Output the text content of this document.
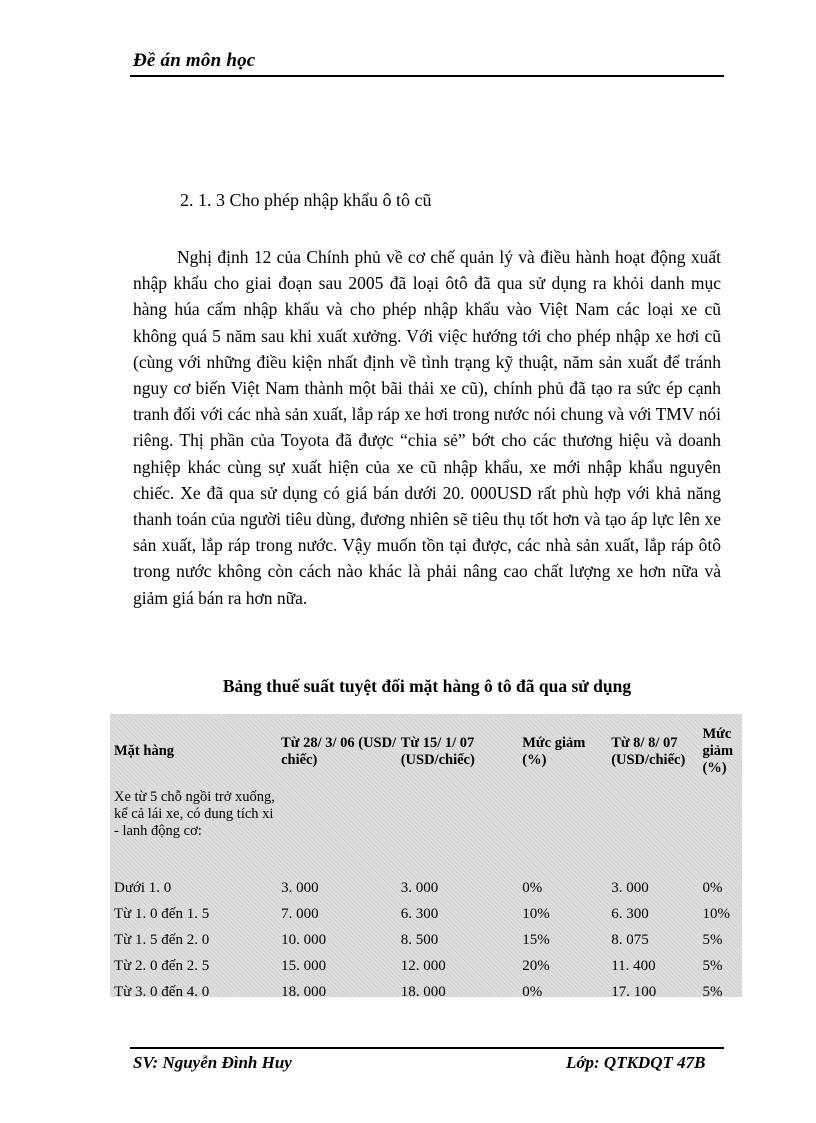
Đề án môn học
2. 1. 3 Cho phép nhập khẩu ô tô cũ

Nghị định 12 của Chính phủ về cơ chế quản lý và điều hành hoạt động xuất nhập khẩu cho giai đoạn sau 2005 đã loại ôtô đã qua sử dụng ra khỏi danh mục hàng húa cấm nhập khẩu và cho phép nhập khẩu vào Việt Nam các loại xe cũ không quá 5 năm sau khi xuất xưởng. Với việc hướng tới cho phép nhập xe hơi cũ (cùng với những điều kiện nhất định về tình trạng kỹ thuật, năm sản xuất để tránh nguy cơ biến Việt Nam thành một bãi thải xe cũ), chính phủ đã tạo ra sức ép cạnh tranh đối với các nhà sản xuất, lắp ráp xe hơi trong nước nói chung và với TMV nói riêng. Thị phần của Toyota đã được “chia sẻ” bớt cho các thương hiệu và doanh nghiệp khác cùng sự xuất hiện của xe cũ nhập khẩu, xe mới nhập khẩu nguyên chiếc. Xe đã qua sử dụng có giá bán dưới 20. 000USD rất phù hợp với khả năng thanh toán của người tiêu dùng, đương nhiên sẽ tiêu thụ tốt hơn và tạo áp lực lên xe sản xuất, lắp ráp trong nước. Vậy muốn tồn tại được, các nhà sản xuất, lắp ráp ôtô trong nước không còn cách nào khác là phải nâng cao chất lượng xe hơn nữa và giảm giá bán ra hơn nữa.

Bảng thuế suất tuyệt đối mặt hàng ô tô đã qua sử dụng
Mặt hàng	Từ 28/ 3/ 06 (USD/ chiếc)	Từ 15/ 1/ 07 (USD/chiếc)	Mức giảm (%)	Từ 8/ 8/ 07 (USD/chiếc)	Mức giảm (%)
Xe từ 5 chỗ ngồi trở xuống, kể cả lái xe, có dung tích xi - lanh động cơ:					
Dưới 1. 0	3. 000	3. 000	0%	3. 000	0%
Từ 1. 0 đến 1. 5	7. 000	6. 300	10%	6. 300	10%
Từ 1. 5 đến 2. 0	10. 000	8. 500	15%	8. 075	5%
Từ 2. 0 đến 2. 5	15. 000	12. 000	20%	11. 400	5%
Từ 3. 0 đến 4. 0	18. 000	18. 000	0%	17. 100	5%
SV: Nguyễn Đình Huy	Lớp: QTKDQT 47B
